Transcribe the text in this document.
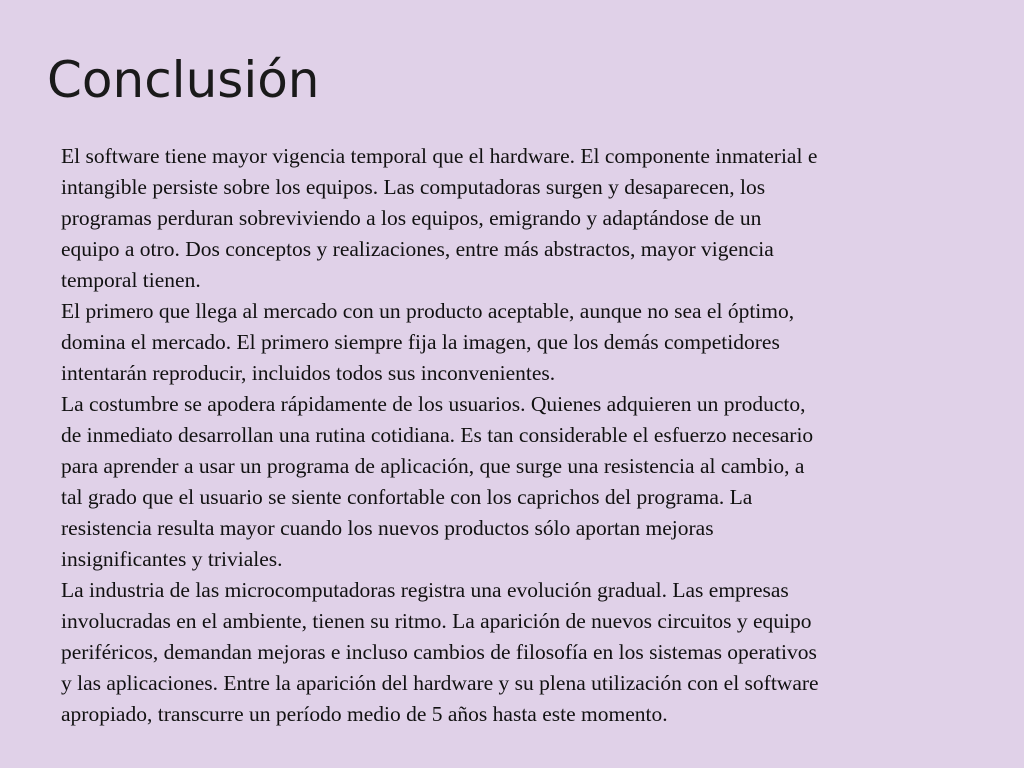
Conclusión

El software tiene mayor vigencia temporal que el hardware. El componente inmaterial e

intangible persiste sobre los equipos. Las computadoras surgen y desaparecen, los

programas perduran sobreviviendo a los equipos, emigrando y adaptándose de un

equipo a otro. Dos conceptos y realizaciones, entre más abstractos, mayor vigencia

temporal tienen.

El primero que llega al mercado con un producto aceptable, aunque no sea el óptimo,

domina el mercado. El primero siempre fija la imagen, que los demás competidores

intentarán reproducir, incluidos todos sus inconvenientes.

La costumbre se apodera rápidamente de los usuarios. Quienes adquieren un producto,

de inmediato desarrollan una rutina cotidiana. Es tan considerable el esfuerzo necesario

para aprender a usar un programa de aplicación, que surge una resistencia al cambio, a

tal grado que el usuario se siente confortable con los caprichos del programa. La

resistencia resulta mayor cuando los nuevos productos sólo aportan mejoras

insignificantes y triviales.

La industria de las microcomputadoras registra una evolución gradual. Las empresas

involucradas en el ambiente, tienen su ritmo. La aparición de nuevos circuitos y equipo

periféricos, demandan mejoras e incluso cambios de filosofía en los sistemas operativos

y las aplicaciones. Entre la aparición del hardware y su plena utilización con el software

apropiado, transcurre un período medio de 5 años hasta este momento.
